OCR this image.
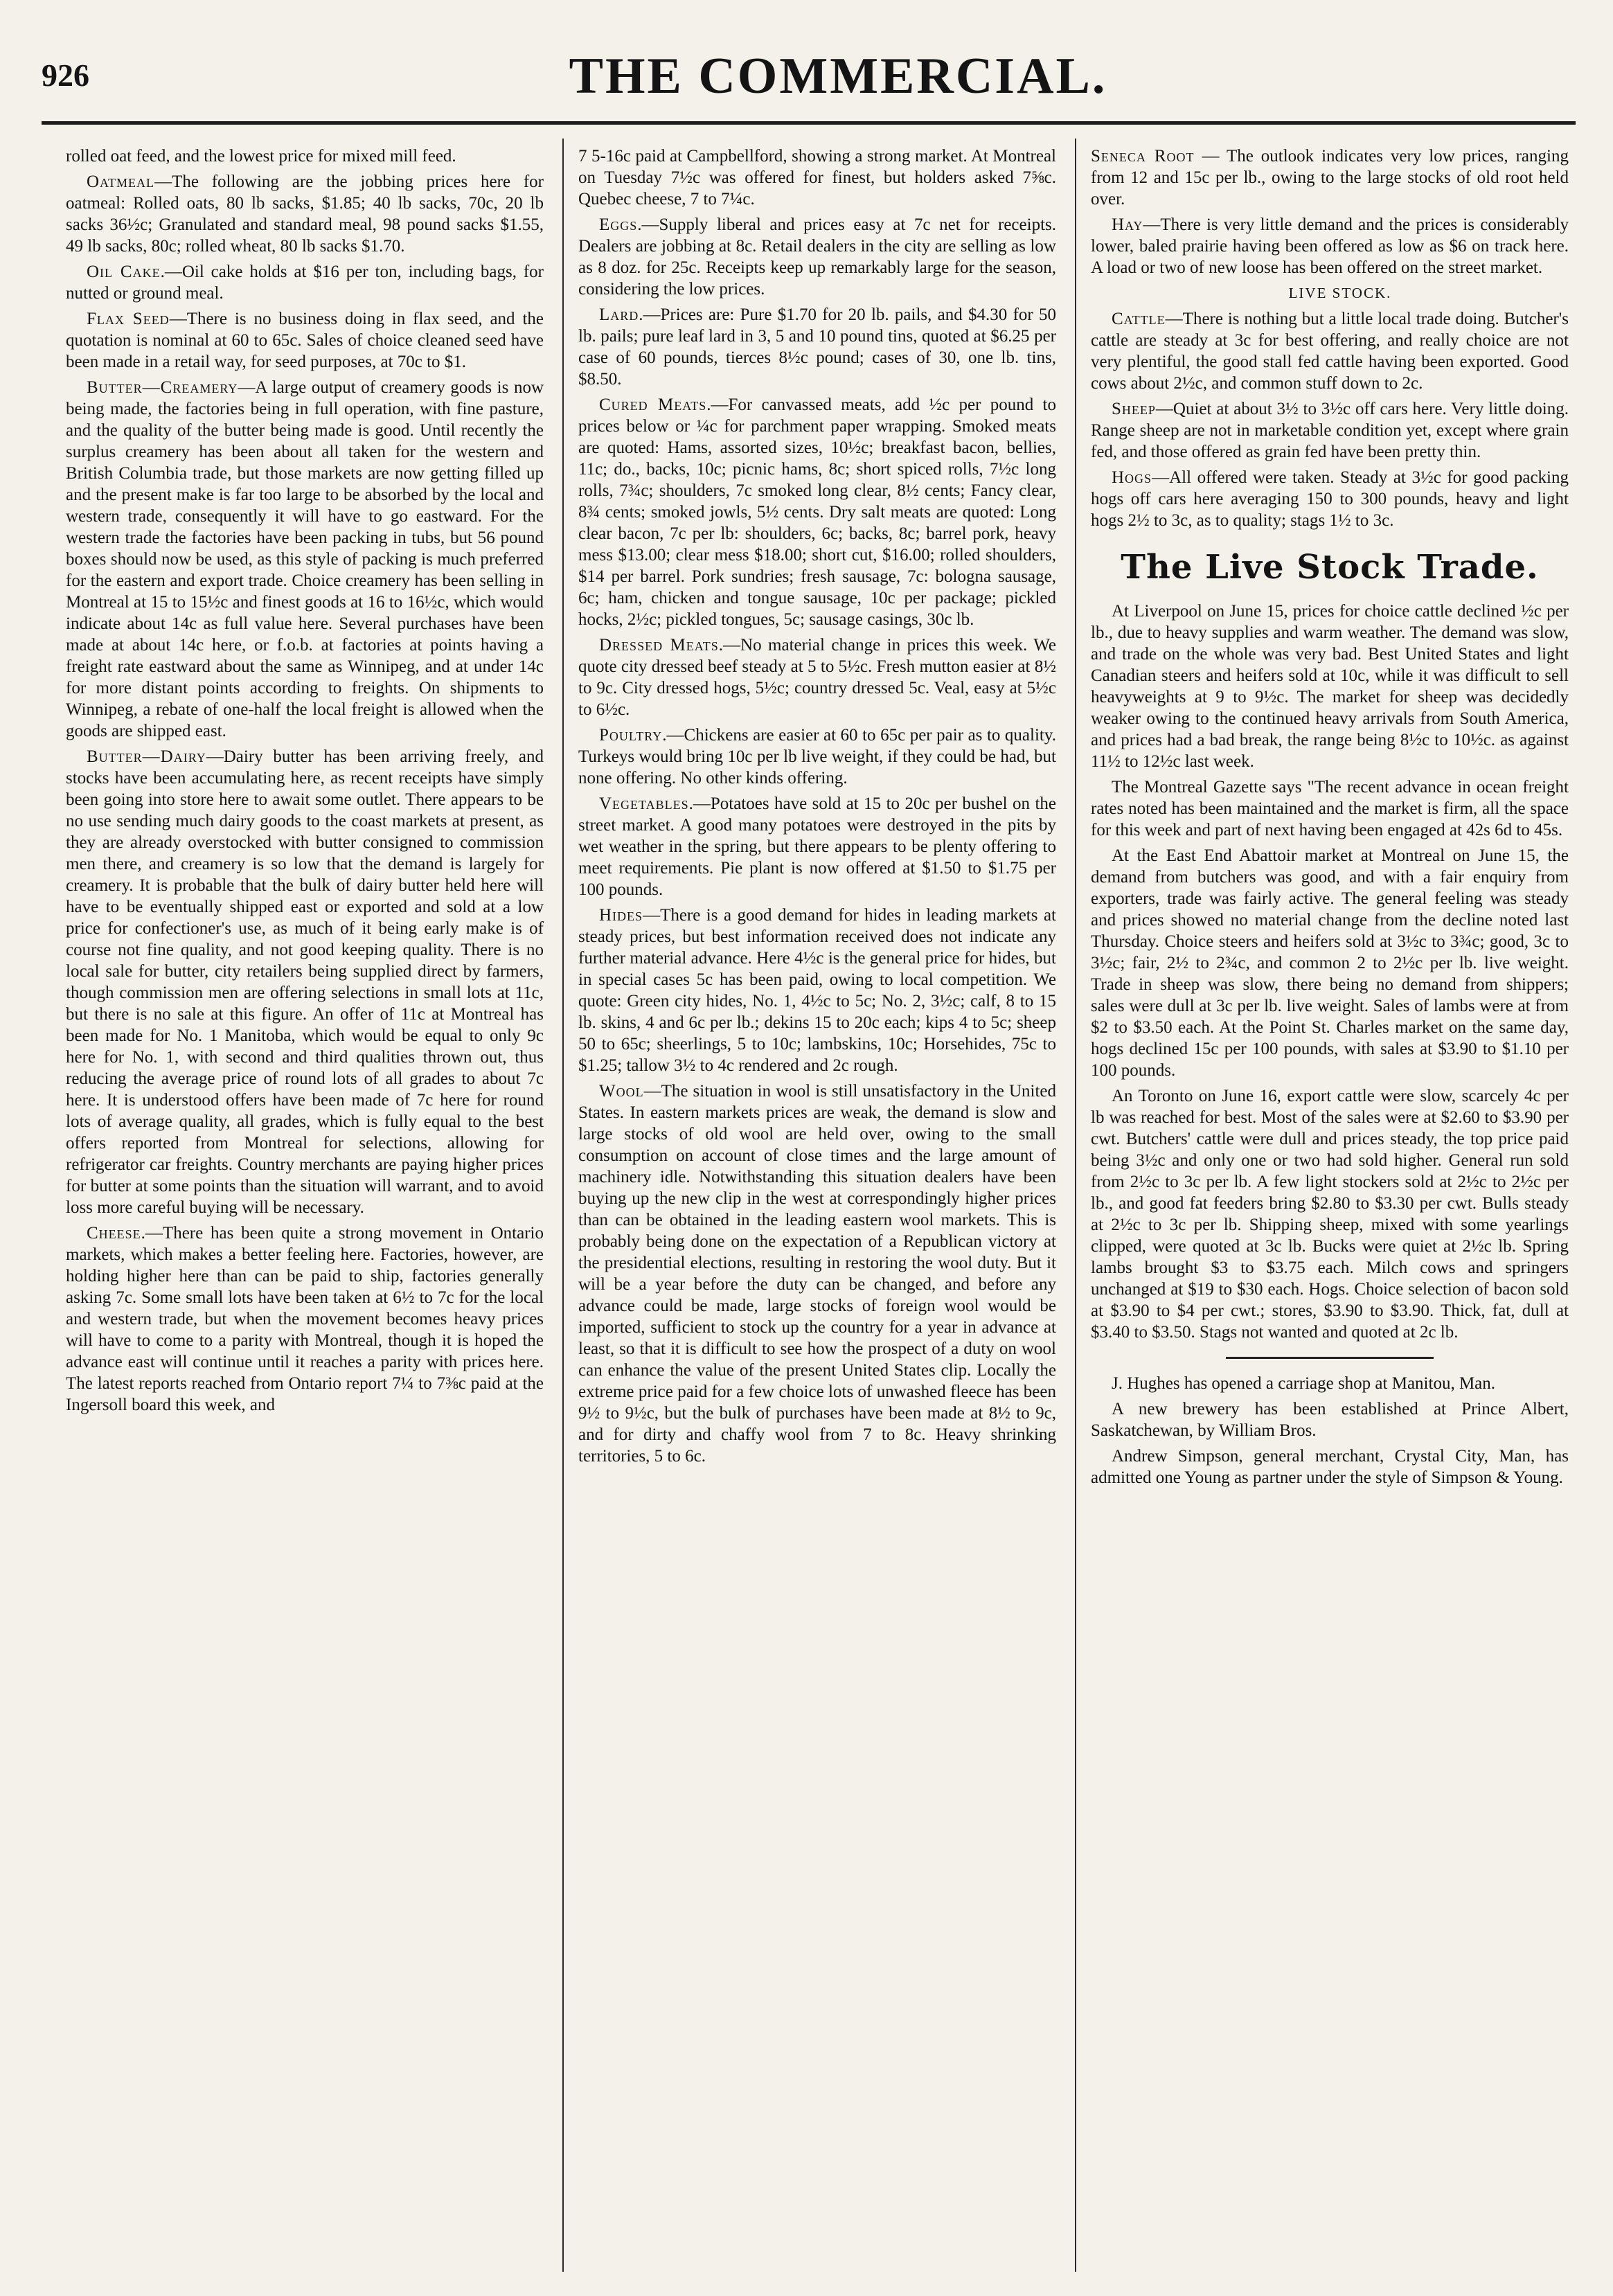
926	THE COMMERCIAL.

rolled oat feed, and the lowest price for mixed mill feed.

Oatmeal—The following are the jobbing prices here for oatmeal: Rolled oats, 80 lb sacks, $1.85; 40 lb sacks, 70c, 20 lb sacks 36½c; Granulated and standard meal, 98 pound sacks $1.55, 49 lb sacks, 80c; rolled wheat, 80 lb sacks $1.70.

Oil Cake.—Oil cake holds at $16 per ton, including bags, for nutted or ground meal.

Flax Seed—There is no business doing in flax seed, and the quotation is nominal at 60 to 65c. Sales of choice cleaned seed have been made in a retail way, for seed purposes, at 70c to $1.

Butter—Creamery—A large output of creamery goods is now being made, the factories being in full operation, with fine pasture, and the quality of the butter being made is good. Until recently the surplus creamery has been about all taken for the western and British Columbia trade, but those markets are now getting filled up and the present make is far too large to be absorbed by the local and western trade, consequently it will have to go eastward. For the western trade the factories have been packing in tubs, but 56 pound boxes should now be used, as this style of packing is much preferred for the eastern and export trade. Choice creamery has been selling in Montreal at 15 to 15½c and finest goods at 16 to 16½c, which would indicate about 14c as full value here. Several purchases have been made at about 14c here, or f.o.b. at factories at points having a freight rate eastward about the same as Winnipeg, and at under 14c for more distant points according to freights. On shipments to Winnipeg, a rebate of one-half the local freight is allowed when the goods are shipped east.

Butter—Dairy—Dairy butter has been arriving freely, and stocks have been accumulating here, as recent receipts have simply been going into store here to await some outlet. There appears to be no use sending much dairy goods to the coast markets at present, as they are already overstocked with butter consigned to commission men there, and creamery is so low that the demand is largely for creamery. It is probable that the bulk of dairy butter held here will have to be eventually shipped east or exported and sold at a low price for confectioner's use, as much of it being early make is of course not fine quality, and not good keeping quality. There is no local sale for butter, city retailers being supplied direct by farmers, though commission men are offering selections in small lots at 11c, but there is no sale at this figure. An offer of 11c at Montreal has been made for No. 1 Manitoba, which would be equal to only 9c here for No. 1, with second and third qualities thrown out, thus reducing the average price of round lots of all grades to about 7c here. It is understood offers have been made of 7c here for round lots of average quality, all grades, which is fully equal to the best offers reported from Montreal for selections, allowing for refrigerator car freights. Country merchants are paying higher prices for butter at some points than the situation will warrant, and to avoid loss more careful buying will be necessary.

Cheese.—There has been quite a strong movement in Ontario markets, which makes a better feeling here. Factories, however, are holding higher here than can be paid to ship, factories generally asking 7c. Some small lots have been taken at 6½ to 7c for the local and western trade, but when the movement becomes heavy prices will have to come to a parity with Montreal, though it is hoped the advance east will continue until it reaches a parity with prices here. The latest reports reached from Ontario report 7¼ to 7⅜c paid at the Ingersoll board this week, and

7 5-16c paid at Campbellford, showing a strong market. At Montreal on Tuesday 7½c was offered for finest, but holders asked 7⅝c. Quebec cheese, 7 to 7¼c.

Eggs.—Supply liberal and prices easy at 7c net for receipts. Dealers are jobbing at 8c. Retail dealers in the city are selling as low as 8 doz. for 25c. Receipts keep up remarkably large for the season, considering the low prices.

Lard.—Prices are: Pure $1.70 for 20 lb. pails, and $4.30 for 50 lb. pails; pure leaf lard in 3, 5 and 10 pound tins, quoted at $6.25 per case of 60 pounds, tierces 8½c pound; cases of 30, one lb. tins, $8.50.

Cured Meats.—For canvassed meats, add ½c per pound to prices below or ¼c for parchment paper wrapping. Smoked meats are quoted: Hams, assorted sizes, 10½c; breakfast bacon, bellies, 11c; do., backs, 10c; picnic hams, 8c; short spiced rolls, 7½c long rolls, 7¾c; shoulders, 7c smoked long clear, 8½ cents; Fancy clear, 8¾ cents; smoked jowls, 5½ cents. Dry salt meats are quoted: Long clear bacon, 7c per lb: shoulders, 6c; backs, 8c; barrel pork, heavy mess $13.00; clear mess $18.00; short cut, $16.00; rolled shoulders, $14 per barrel. Pork sundries; fresh sausage, 7c: bologna sausage, 6c; ham, chicken and tongue sausage, 10c per package; pickled hocks, 2½c; pickled tongues, 5c; sausage casings, 30c lb.

Dressed Meats.—No material change in prices this week. We quote city dressed beef steady at 5 to 5½c. Fresh mutton easier at 8½ to 9c. City dressed hogs, 5½c; country dressed 5c. Veal, easy at 5½c to 6½c.

Poultry.—Chickens are easier at 60 to 65c per pair as to quality. Turkeys would bring 10c per lb live weight, if they could be had, but none offering. No other kinds offering.

Vegetables.—Potatoes have sold at 15 to 20c per bushel on the street market. A good many potatoes were destroyed in the pits by wet weather in the spring, but there appears to be plenty offering to meet requirements. Pie plant is now offered at $1.50 to $1.75 per 100 pounds.

Hides—There is a good demand for hides in leading markets at steady prices, but best information received does not indicate any further material advance. Here 4½c is the general price for hides, but in special cases 5c has been paid, owing to local competition. We quote: Green city hides, No. 1, 4½c to 5c; No. 2, 3½c; calf, 8 to 15 lb. skins, 4 and 6c per lb.; dekins 15 to 20c each; kips 4 to 5c; sheep 50 to 65c; sheerlings, 5 to 10c; lambskins, 10c; Horsehides, 75c to $1.25; tallow 3½ to 4c rendered and 2c rough.

Wool—The situation in wool is still unsatisfactory in the United States. In eastern markets prices are weak, the demand is slow and large stocks of old wool are held over, owing to the small consumption on account of close times and the large amount of machinery idle. Notwithstanding this situation dealers have been buying up the new clip in the west at correspondingly higher prices than can be obtained in the leading eastern wool markets. This is probably being done on the expectation of a Republican victory at the presidential elections, resulting in restoring the wool duty. But it will be a year before the duty can be changed, and before any advance could be made, large stocks of foreign wool would be imported, sufficient to stock up the country for a year in advance at least, so that it is difficult to see how the prospect of a duty on wool can enhance the value of the present United States clip. Locally the extreme price paid for a few choice lots of unwashed fleece has been 9½ to 9½c, but the bulk of purchases have been made at 8½ to 9c, and for dirty and chaffy wool from 7 to 8c. Heavy shrinking territories, 5 to 6c.

Seneca Root — The outlook indicates very low prices, ranging from 12 and 15c per lb., owing to the large stocks of old root held over.

Hay—There is very little demand and the prices is considerably lower, baled prairie having been offered as low as $6 on track here. A load or two of new loose has been offered on the street market.

LIVE STOCK.

Cattle—There is nothing but a little local trade doing. Butcher's cattle are steady at 3c for best offering, and really choice are not very plentiful, the good stall fed cattle having been exported. Good cows about 2½c, and common stuff down to 2c.

Sheep—Quiet at about 3½ to 3½c off cars here. Very little doing. Range sheep are not in marketable condition yet, except where grain fed, and those offered as grain fed have been pretty thin.

Hogs—All offered were taken. Steady at 3½c for good packing hogs off cars here averaging 150 to 300 pounds, heavy and light hogs 2½ to 3c, as to quality; stags 1½ to 3c.

The Live Stock Trade.

At Liverpool on June 15, prices for choice cattle declined ½c per lb., due to heavy supplies and warm weather. The demand was slow, and trade on the whole was very bad. Best United States and light Canadian steers and heifers sold at 10c, while it was difficult to sell heavyweights at 9 to 9½c. The market for sheep was decidedly weaker owing to the continued heavy arrivals from South America, and prices had a bad break, the range being 8½c to 10½c. as against 11½ to 12½c last week.

The Montreal Gazette says "The recent advance in ocean freight rates noted has been maintained and the market is firm, all the space for this week and part of next having been engaged at 42s 6d to 45s.

At the East End Abattoir market at Montreal on June 15, the demand from butchers was good, and with a fair enquiry from exporters, trade was fairly active. The general feeling was steady and prices showed no material change from the decline noted last Thursday. Choice steers and heifers sold at 3½c to 3¾c; good, 3c to 3½c; fair, 2½ to 2¾c, and common 2 to 2½c per lb. live weight. Trade in sheep was slow, there being no demand from shippers; sales were dull at 3c per lb. live weight. Sales of lambs were at from $2 to $3.50 each. At the Point St. Charles market on the same day, hogs declined 15c per 100 pounds, with sales at $3.90 to $1.10 per 100 pounds.

An Toronto on June 16, export cattle were slow, scarcely 4c per lb was reached for best. Most of the sales were at $2.60 to $3.90 per cwt. Butchers' cattle were dull and prices steady, the top price paid being 3½c and only one or two had sold higher. General run sold from 2½c to 3c per lb. A few light stockers sold at 2½c to 2½c per lb., and good fat feeders bring $2.80 to $3.30 per cwt. Bulls steady at 2½c to 3c per lb. Shipping sheep, mixed with some yearlings clipped, were quoted at 3c lb. Bucks were quiet at 2½c lb. Spring lambs brought $3 to $3.75 each. Milch cows and springers unchanged at $19 to $30 each. Hogs. Choice selection of bacon sold at $3.90 to $4 per cwt.; stores, $3.90 to $3.90. Thick, fat, dull at $3.40 to $3.50. Stags not wanted and quoted at 2c lb.

J. Hughes has opened a carriage shop at Manitou, Man.

A new brewery has been established at Prince Albert, Saskatchewan, by William Bros.

Andrew Simpson, general merchant, Crystal City, Man, has admitted one Young as partner under the style of Simpson & Young.
